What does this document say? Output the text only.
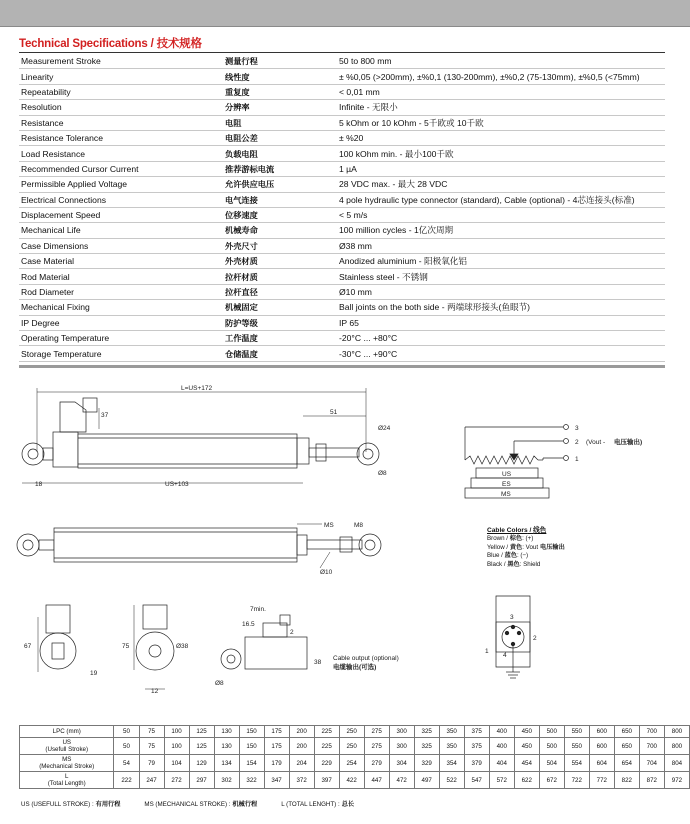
Technical Specifications / 技术规格
Measurement Stroke	测量行程	50 to 800 mm
Linearity	线性度	± %0,05 (>200mm), ±%0,1 (130-200mm), ±%0,2 (75-130mm), ±%0,5 (<75mm)
Repeatability	重复度	< 0,01 mm
Resolution	分辨率	Infinite - 无限小
Resistance	电阻	5 kOhm or 10 kOhm - 5千欧或 10千欧
Resistance Tolerance	电阻公差	± %20
Load Resistance	负载电阻	100 kOhm min. - 最小100千欧
Recommended Cursor Current	推荐游标电流	1 µA
Permissible Applied Voltage	允许供应电压	28 VDC max. - 最大 28 VDC
Electrical Connections	电气连接	4 pole hydraulic type connector (standard), Cable (optional) - 4芯连接头(标准)
Displacement Speed	位移速度	< 5 m/s
Mechanical Life	机械寿命	100 million cycles - 1亿次周期
Case Dimensions	外壳尺寸	Ø38 mm
Case Material	外壳材质	Anodized aluminium - 阳极氧化铝
Rod Material	拉杆材质	Stainless steel - 不锈钢
Rod Diameter	拉杆直径	Ø10 mm
Mechanical Fixing	机械固定	Ball joints on the both side - 两端球形接头(鱼眼节)
IP Degree	防护等级	IP 65
Operating Temperature	工作温度	-20°C ... +80°C
Storage Temperature	仓储温度	-30°C ... +90°C
L=US+172
37	51
Ø24
Ø8
18	US+103
3
2 (Vout - 电压输出)
1
US
ES
MS
MS	M8
Ø10
67
19
75	Ø38
12
7min.
16.5
2
38
Ø8
Cable output (optional)
电缆输出(可选)
3
2
1
4
Cable Colors / 线色
Brown / 棕色: (+)
Yellow / 黄色: Vout 电压输出
Blue / 蓝色: (−)
Black / 黑色: Shield
LPC (mm)	50	75	100	125	130	150	175	200	225	250	275	300	325	350	375	400	450	500	550	600	650	700	800
US
(Usefull Stroke)	50	75	100	125	130	150	175	200	225	250	275	300	325	350	375	400	450	500	550	600	650	700	800
MS
(Mechanical Stroke)	54	79	104	129	134	154	179	204	229	254	279	304	329	354	379	404	454	504	554	604	654	704	804
L
(Total Length)	222	247	272	297	302	322	347	372	397	422	447	472	497	522	547	572	622	672	722	772	822	872	972
US (USEFULL STROKE) : 有用行程	MS (MECHANICAL STROKE) : 机械行程	L (TOTAL LENGHT) : 总长
